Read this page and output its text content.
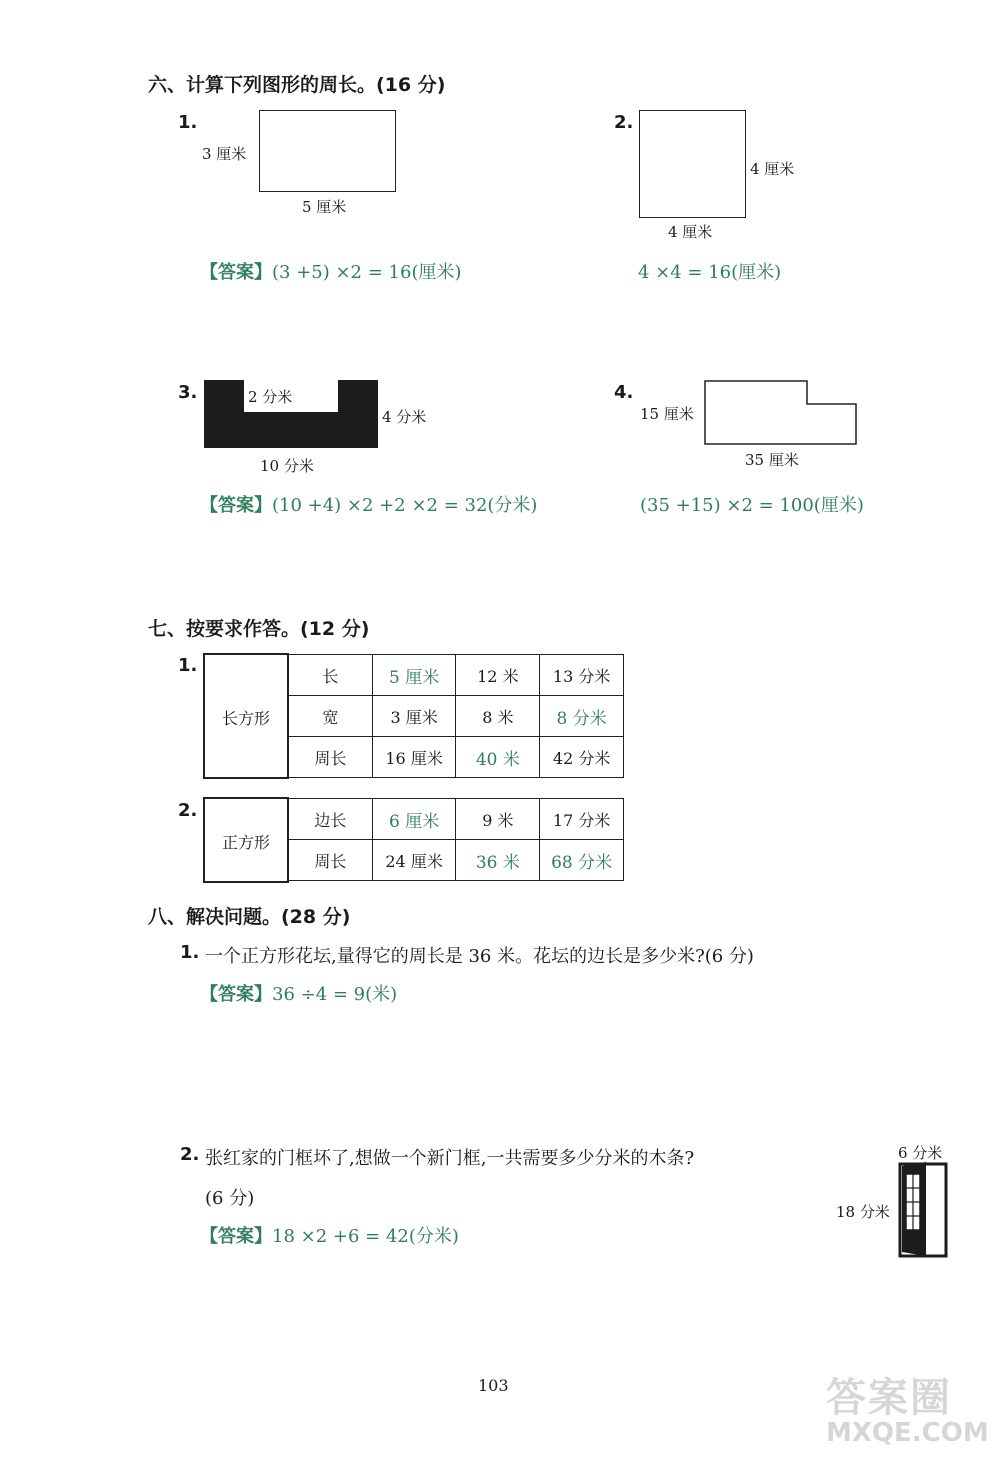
六、计算下列图形的周长。(16 分)
1.
3 厘米
5 厘米
【答案】(3 +5) ×2 = 16(厘米)
2.
4 厘米
4 厘米
4 ×4 = 16(厘米)
3.	2 分米
4 分米
10 分米
【答案】(10 +4) ×2 +2 ×2 = 32(分米)
4.
15 厘米
35 厘米
(35 +15) ×2 = 100(厘米)
七、按要求作答。(12 分)
1.
长方形
长	5 厘米	12 米	13 分米
宽	3 厘米	8 米	8 分米
周长	16 厘米	40 米	42 分米
2.
正方形
边长	6 厘米	9 米	17 分米
周长	24 厘米	36 米	68 分米
八、解决问题。(28 分)
1. 一个正方形花坛,量得它的周长是 36 米。花坛的边长是多少米?(6 分)
【答案】36 ÷4 = 9(米)
2. 张红家的门框坏了,想做一个新门框,一共需要多少分米的木条?
(6 分)
【答案】18 ×2 +6 = 42(分米)
6 分米
18 分米
103	答案圈
MXQE.COM
